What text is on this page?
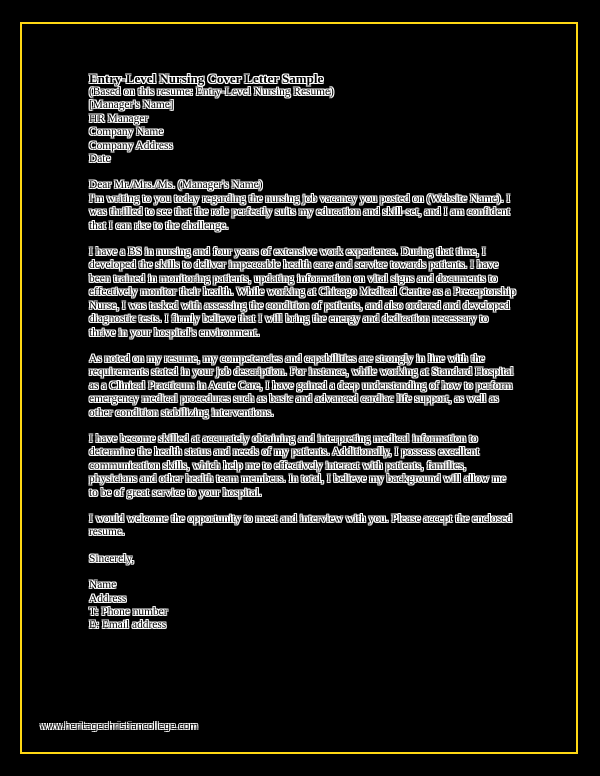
Entry-Level Nursing Cover Letter Sample
(Based on this resume: Entry-Level Nursing Resume)
[Manager's Name]
HR Manager
Company Name
Company Address
Date
Dear Mr./Mrs./Ms. (Manager's Name)

I'm writing to you today regarding the nursing job vacancy you posted on (Website Name). I was thrilled to see that the role perfectly suits my education and skill-set, and I am confident that I can rise to the challenge.

I have a BS in nursing and four years of extensive work experience. During that time, I developed the skills to deliver impeccable health care and service towards patients. I have been trained in monitoring patients, updating information on vital signs and documents to effectively monitor their health. While working at Chicago Medical Centre as a Preceptorship Nurse, I was tasked with assessing the condition of patients, and also ordered and developed diagnostic tests. I firmly believe that I will bring the energy and dedication necessary to thrive in your hospital's environment.

As noted on my resume, my competencies and capabilities are strongly in line with the requirements stated in your job description. For instance, while working at Standard Hospital as a Clinical Practicum in Acute Care, I have gained a deep understanding of how to perform emergency medical procedures such as basic and advanced cardiac life support, as well as other condition stabilizing interventions.

I have become skilled at accurately obtaining and interpreting medical information to determine the health status and needs of my patients. Additionally, I possess excellent communication skills, which help me to effectively interact with patients, families, physicians and other health team members. In total, I believe my background will allow me to be of great service to your hospital.

I would welcome the opportunity to meet and interview with you. Please accept the enclosed resume.

Sincerely,

Name
Address
T: Phone number
E: Email address
www.heritagechristiancollege.com
